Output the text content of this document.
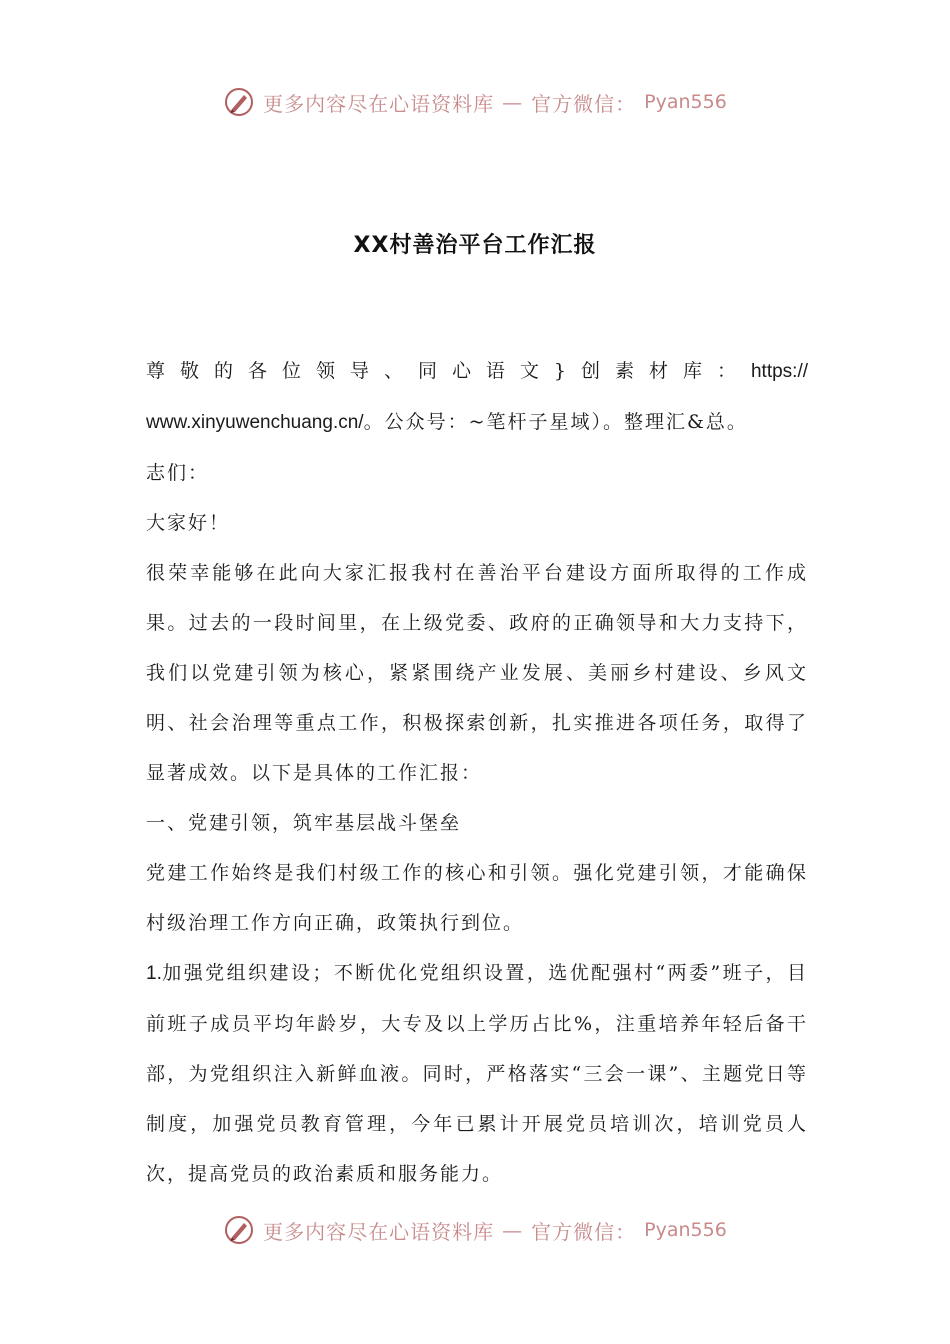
更多内容尽在心语资料库 — 官方微信： Pyan556
XX村善治平台工作汇报

尊敬的各位领导、同心语文}创素材库：https://

www.xinyuwenchuang.cn/。公众号：~笔杆子星域）。整理汇&总。

志们：

大家好！

很荣幸能够在此向大家汇报我村在善治平台建设方面所取得的工作成果。过去的一段时间里，在上级党委、政府的正确领导和大力支持下，我们以党建引领为核心，紧紧围绕产业发展、美丽乡村建设、乡风文明、社会治理等重点工作，积极探索创新，扎实推进各项任务，取得了显著成效。以下是具体的工作汇报：

一、党建引领，筑牢基层战斗堡垒

党建工作始终是我们村级工作的核心和引领。强化党建引领，才能确保村级治理工作方向正确，政策执行到位。

1.加强党组织建设；不断优化党组织设置，选优配强村“两委”班子，目前班子成员平均年龄岁，大专及以上学历占比%，注重培养年轻后备干部，为党组织注入新鲜血液。同时，严格落实“三会一课”、主题党日等制度，加强党员教育管理，今年已累计开展党员培训次，培训党员人次，提高党员的政治素质和服务能力。

更多内容尽在心语资料库 — 官方微信： Pyan556
